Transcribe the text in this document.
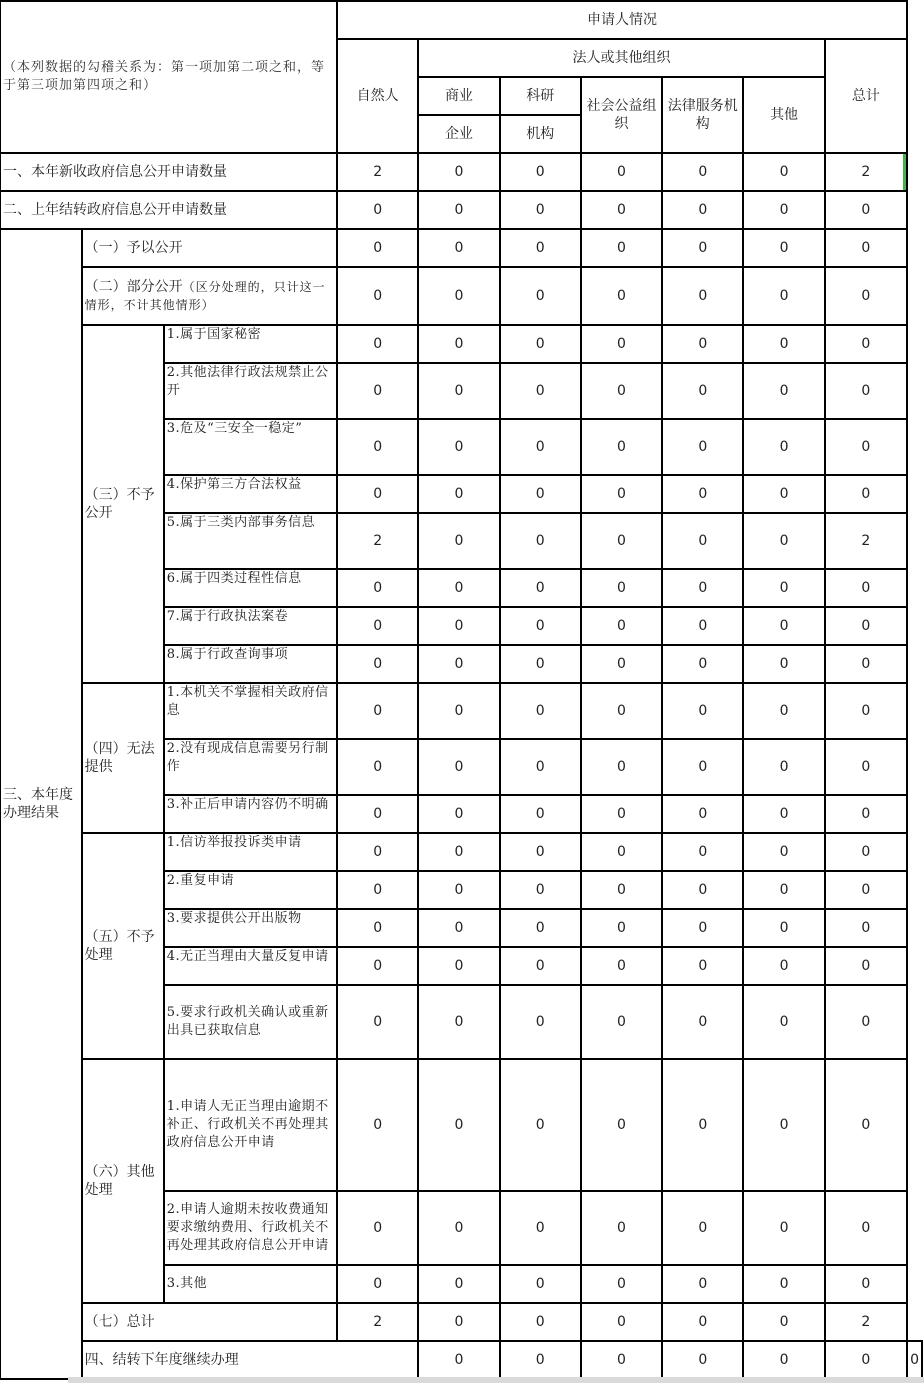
（本列数据的勾稽关系为：第一项加第二项之和，等于第三项加第四项之和）			申请人情况							
			自然人	法人或其他组织					总计	
				商业	科研	社会公益组织	法律服务机构	其他		
				企业	机构					
一、本年新收政府信息公开申请数量			2	0	0	0	0	0	2	
二、上年结转政府信息公开申请数量			0	0	0	0	0	0	0	
三、本年度办理结果	（一）予以公开		0	0	0	0	0	0	0	
	（二）部分公开（区分处理的，只计这一情形，不计其他情形）		0	0	0	0	0	0	0	
	（三）不予公开	1.属于国家秘密	0	0	0	0	0	0	0	
		2.其他法律行政法规禁止公开	0	0	0	0	0	0	0	
		3.危及“三安全一稳定”	0	0	0	0	0	0	0	
		4.保护第三方合法权益	0	0	0	0	0	0	0	
		5.属于三类内部事务信息	2	0	0	0	0	0	2	
		6.属于四类过程性信息	0	0	0	0	0	0	0	
		7.属于行政执法案卷	0	0	0	0	0	0	0	
		8.属于行政查询事项	0	0	0	0	0	0	0	
	（四）无法提供	1.本机关不掌握相关政府信息	0	0	0	0	0	0	0	
		2.没有现成信息需要另行制作	0	0	0	0	0	0	0	
		3.补正后申请内容仍不明确	0	0	0	0	0	0	0	
	（五）不予处理	1.信访举报投诉类申请	0	0	0	0	0	0	0	
		2.重复申请	0	0	0	0	0	0	0	
		3.要求提供公开出版物	0	0	0	0	0	0	0	
		4.无正当理由大量反复申请	0	0	0	0	0	0	0	
		5.要求行政机关确认或重新出具已获取信息	0	0	0	0	0	0	0	
	（六）其他处理	1.申请人无正当理由逾期不补正、行政机关不再处理其政府信息公开申请	0	0	0	0	0	0	0	
		2.申请人逾期未按收费通知要求缴纳费用、行政机关不再处理其政府信息公开申请	0	0	0	0	0	0	0	
		3.其他	0	0	0	0	0	0	0	
	（七）总计		2	0	0	0	0	0	2	
	四、结转下年度继续办理			0	0	0	0	0	0	0
